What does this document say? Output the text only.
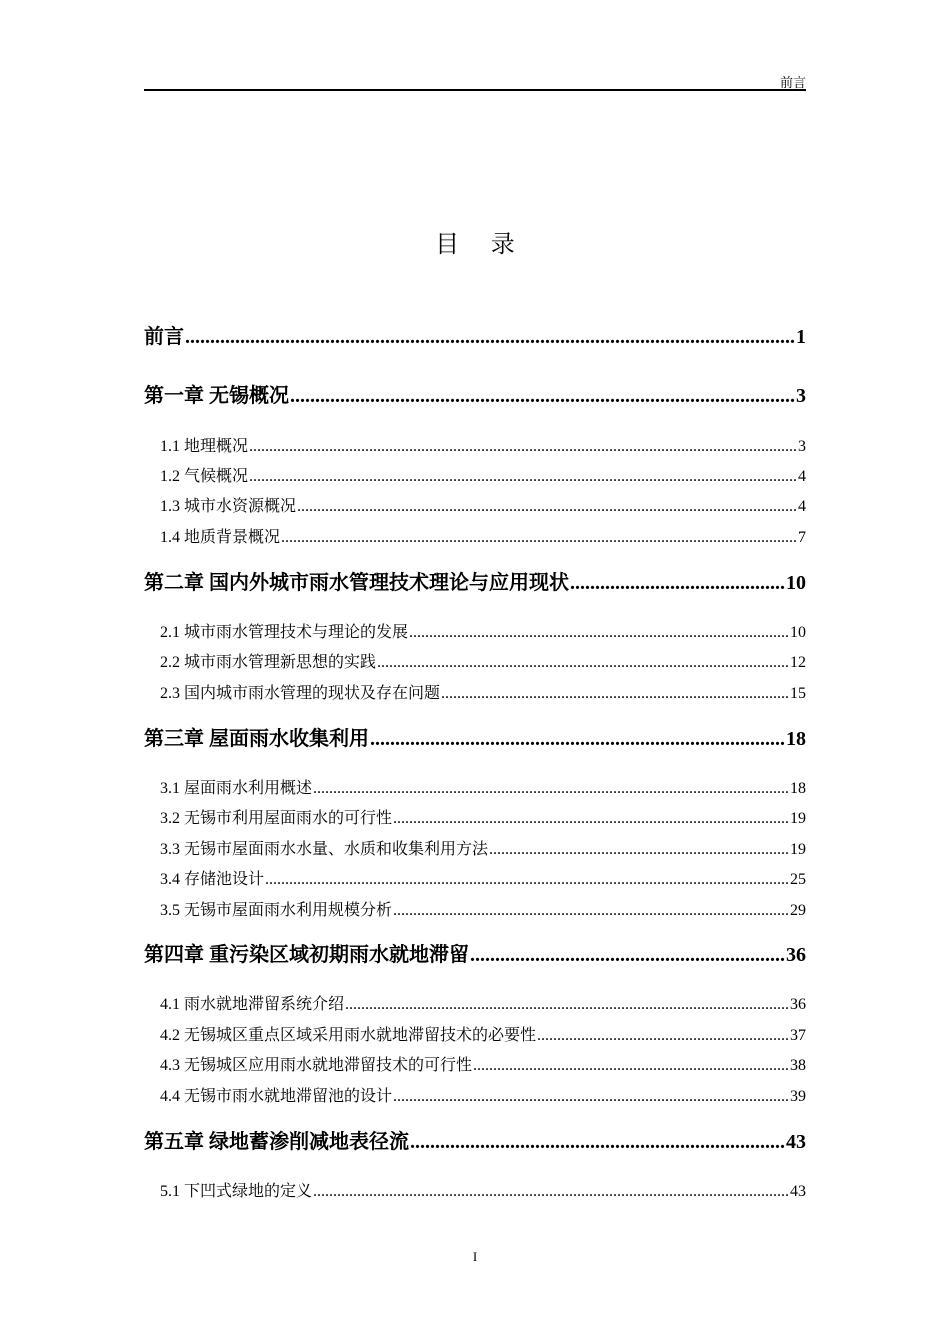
前言
目 录
前言 .....	1
第一章 无锡概况 .....	3
1.1 地理概况 .....	3
1.2 气候概况 .....	4
1.3 城市水资源概况 .....	4
1.4 地质背景概况 .....	7
第二章 国内外城市雨水管理技术理论与应用现状 .....	10
2.1 城市雨水管理技术与理论的发展 .....	10
2.2 城市雨水管理新思想的实践 .....	12
2.3 国内城市雨水管理的现状及存在问题 .....	15
第三章 屋面雨水收集利用 .....	18
3.1 屋面雨水利用概述 .....	18
3.2 无锡市利用屋面雨水的可行性 .....	19
3.3 无锡市屋面雨水水量、水质和收集利用方法 .....	19
3.4 存储池设计 .....	25
3.5 无锡市屋面雨水利用规模分析 .....	29
第四章 重污染区域初期雨水就地滞留 .....	36
4.1 雨水就地滞留系统介绍 .....	36
4.2 无锡城区重点区域采用雨水就地滞留技术的必要性 .....	37
4.3 无锡城区应用雨水就地滞留技术的可行性 .....	38
4.4 无锡市雨水就地滞留池的设计 .....	39
第五章 绿地蓄渗削减地表径流 .....	43
5.1 下凹式绿地的定义 .....	43
I
